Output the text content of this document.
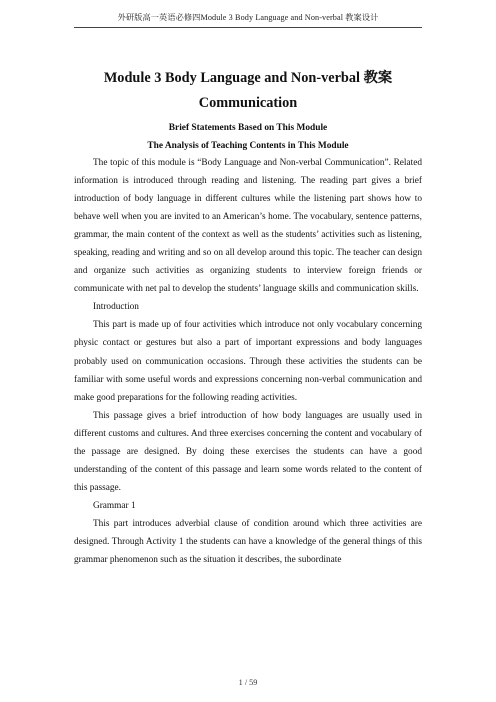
外研版高一英语必修四Module 3 Body Language and Non-verbal 教案设计
Module 3 Body Language and Non-verbal 教案
Communication
Brief Statements Based on This Module
The Analysis of Teaching Contents in This Module

The topic of this module is “Body Language and Non-verbal Communication”. Related information is introduced through reading and listening. The reading part gives a brief introduction of body language in different cultures while the listening part shows how to behave well when you are invited to an American’s home. The vocabulary, sentence patterns, grammar, the main content of the context as well as the students’ activities such as listening, speaking, reading and writing and so on all develop around this topic. The teacher can design and organize such activities as organizing students to interview foreign friends or communicate with net pal to develop the students’ language skills and communication skills.

Introduction

This part is made up of four activities which introduce not only vocabulary concerning physic contact or gestures but also a part of important expressions and body languages probably used on communication occasions. Through these activities the students can be familiar with some useful words and expressions concerning non-verbal communication and make good preparations for the following reading activities.

This passage gives a brief introduction of how body languages are usually used in different customs and cultures. And three exercises concerning the content and vocabulary of the passage are designed. By doing these exercises the students can have a good understanding of the content of this passage and learn some words related to the content of this passage.

Grammar 1

This part introduces adverbial clause of condition around which three activities are designed. Through Activity 1 the students can have a knowledge of the general things of this grammar phenomenon such as the situation it describes, the subordinate

1 / 59
